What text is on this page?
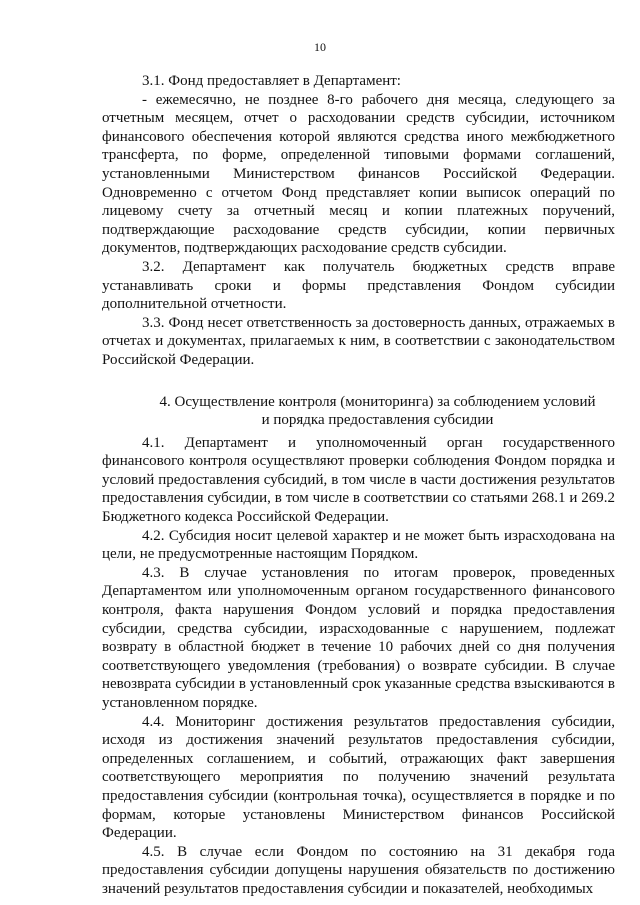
10

3.1. Фонд предоставляет в Департамент:

- ежемесячно, не позднее 8-го рабочего дня месяца, следующего за отчетным месяцем, отчет о расходовании средств субсидии, источником финансового обеспечения которой являются средства иного межбюджетного трансферта, по форме, определенной типовыми формами соглашений, установленными Министерством финансов Российской Федерации. Одновременно с отчетом Фонд представляет копии выписок операций по лицевому счету за отчетный месяц и копии платежных поручений, подтверждающие расходование средств субсидии, копии первичных документов, подтверждающих расходование средств субсидии.

3.2. Департамент как получатель бюджетных средств вправе устанавливать сроки и формы представления Фондом субсидии дополнительной отчетности.

3.3. Фонд несет ответственность за достоверность данных, отражаемых в отчетах и документах, прилагаемых к ним, в соответствии с законодательством Российской Федерации.

4. Осуществление контроля (мониторинга) за соблюдением условий
и порядка предоставления субсидии

4.1. Департамент и уполномоченный орган государственного финансового контроля осуществляют проверки соблюдения Фондом порядка и условий предоставления субсидий, в том числе в части достижения результатов предоставления субсидии, в том числе в соответствии со статьями 268.1 и 269.2 Бюджетного кодекса Российской Федерации.

4.2. Субсидия носит целевой характер и не может быть израсходована на цели, не предусмотренные настоящим Порядком.

4.3. В случае установления по итогам проверок, проведенных Департаментом или уполномоченным органом государственного финансового контроля, факта нарушения Фондом условий и порядка предоставления субсидии, средства субсидии, израсходованные с нарушением, подлежат возврату в областной бюджет в течение 10 рабочих дней со дня получения соответствующего уведомления (требования) о возврате субсидии. В случае невозврата субсидии в установленный срок указанные средства взыскиваются в установленном порядке.

4.4. Мониторинг достижения результатов предоставления субсидии, исходя из достижения значений результатов предоставления субсидии, определенных соглашением, и событий, отражающих факт завершения соответствующего мероприятия по получению значений результата предоставления субсидии (контрольная точка), осуществляется в порядке и по формам, которые установлены Министерством финансов Российской Федерации.

4.5. В случае если Фондом по состоянию на 31 декабря года предоставления субсидии допущены нарушения обязательств по достижению значений результатов предоставления субсидии и показателей, необходимых
